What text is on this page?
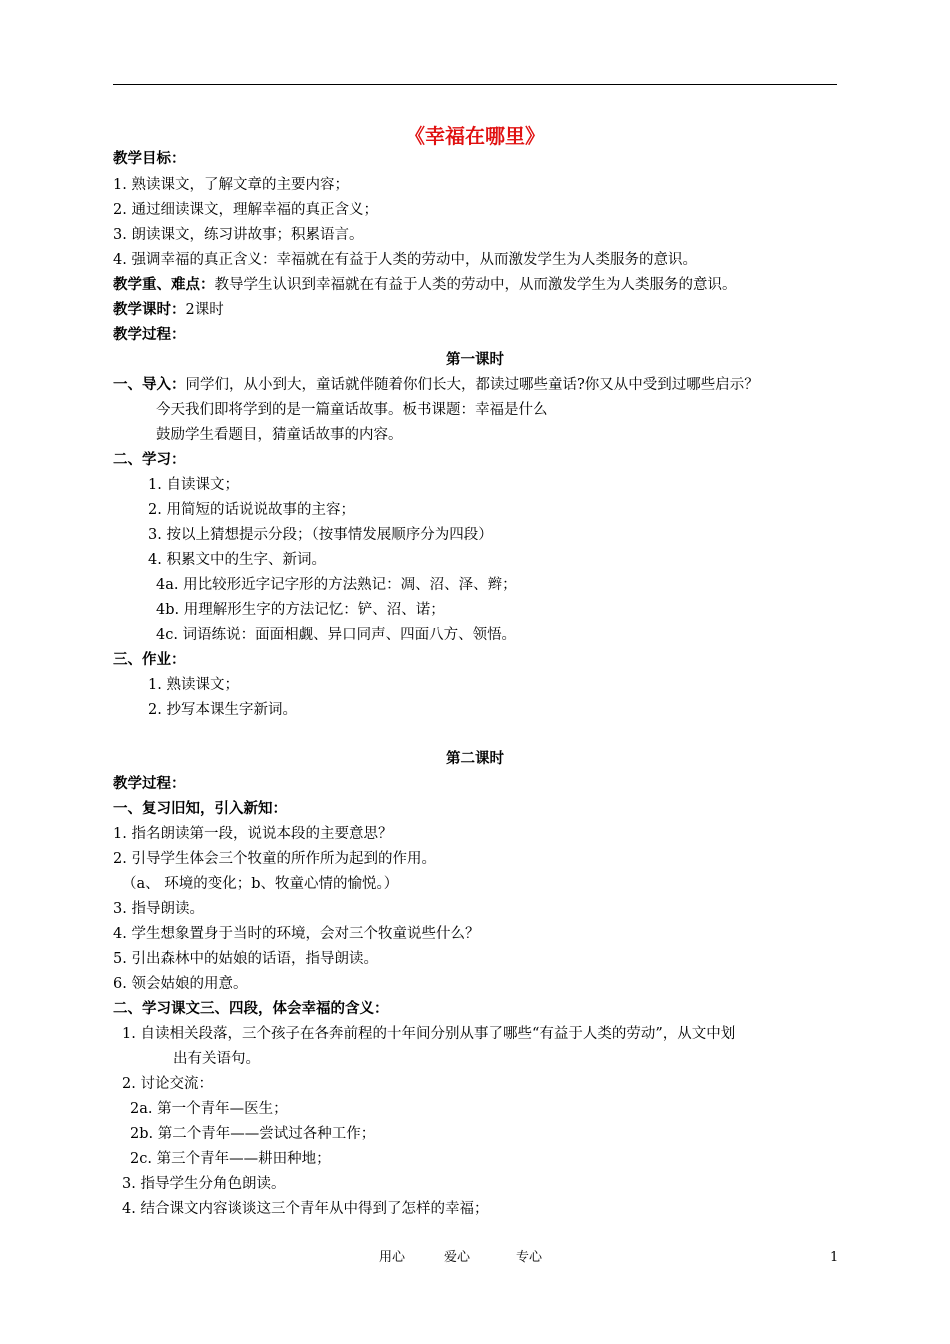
《幸福在哪里》
教学目标：
1. 熟读课文，了解文章的主要内容；
2. 通过细读课文，理解幸福的真正含义；
3. 朗读课文，练习讲故事；积累语言。
4. 强调幸福的真正含义：幸福就在有益于人类的劳动中，从而激发学生为人类服务的意识。
教学重、难点：教导学生认识到幸福就在有益于人类的劳动中，从而激发学生为人类服务的意识。
教学课时：2课时
教学过程：
第一课时
一、导入：同学们，从小到大，童话就伴随着你们长大，都读过哪些童话?你又从中受到过哪些启示？
今天我们即将学到的是一篇童话故事。板书课题：幸福是什么
鼓励学生看题目，猜童话故事的内容。
二、学习：
1. 自读课文；
2. 用简短的话说说故事的主容；
3. 按以上猜想提示分段；（按事情发展顺序分为四段）
4. 积累文中的生字、新词。
4a. 用比较形近字记字形的方法熟记：凋、沼、泽、辫；
4b. 用理解形生字的方法记忆：铲、沼、诺；
4c. 词语练说：面面相觑、异口同声、四面八方、领悟。
三、作业：
1. 熟读课文；
2. 抄写本课生字新词。
第二课时
教学过程：
一、复习旧知，引入新知：
1. 指名朗读第一段，说说本段的主要意思？
2. 引导学生体会三个牧童的所作所为起到的作用。
（a、 环境的变化；b、牧童心情的愉悦。）
3. 指导朗读。
4. 学生想象置身于当时的环境，会对三个牧童说些什么？
5. 引出森林中的姑娘的话语，指导朗读。
6. 领会姑娘的用意。
二、学习课文三、四段，体会幸福的含义：
1. 自读相关段落，三个孩子在各奔前程的十年间分别从事了哪些“有益于人类的劳动”，从文中划
出有关语句。
2. 讨论交流：
2a. 第一个青年—医生；
2b. 第二个青年——尝试过各种工作；
2c. 第三个青年——耕田种地；
3. 指导学生分角色朗读。
4. 结合课文内容谈谈这三个青年从中得到了怎样的幸福；
用心	爱心	专心	1
